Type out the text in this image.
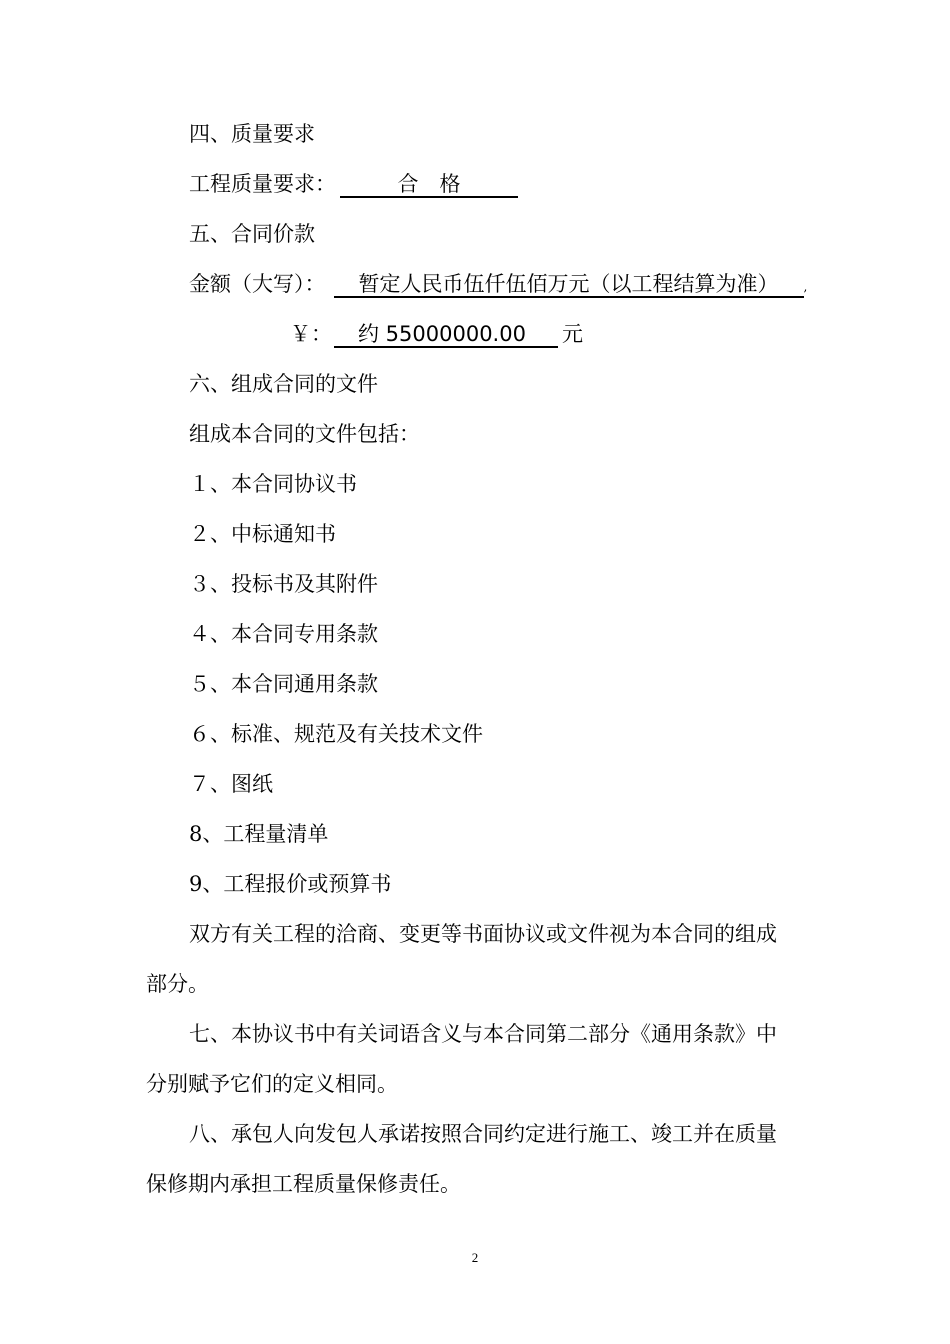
四、质量要求
工程质量要求：	合　格
五、合同价款
金额（大写）： 暂定人民币伍仟伍佰万元（以工程结算为准） ,
￥： 约 55000000.00 元
六、组成合同的文件
组成本合同的文件包括：
１、本合同协议书
２、中标通知书
３、投标书及其附件
４、本合同专用条款
５、本合同通用条款
６、标准、规范及有关技术文件
７、图纸
8、工程量清单
9、工程报价或预算书
双方有关工程的洽商、变更等书面协议或文件视为本合同的组成
部分。
七、本协议书中有关词语含义与本合同第二部分《通用条款》中
分别赋予它们的定义相同。
八、承包人向发包人承诺按照合同约定进行施工、竣工并在质量
保修期内承担工程质量保修责任。
2
